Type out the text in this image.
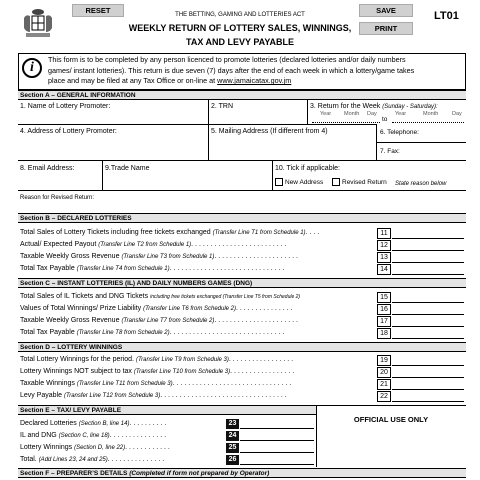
RESET	SAVE
PRINT
THE BETTING, GAMING AND LOTTERIES ACT
WEEKLY RETURN OF LOTTERY SALES, WINNINGS,
TAX AND LEVY PAYABLE
LT01
i
This form is to be completed by any person licenced to promote lotteries (declared lotteries and/or daily numbers
games/ instant lotteries). This return is due seven (7) days after the end of each week in which a lottery/game takes
place and may be filed at any Tax Office or on-line at www.jamaicatax.gov.jm
Section A – GENERAL INFORMATION
1. Name of Lottery Promoter:	2. TRN	3. Return for the Week (Sunday - Saturday):
Year Month Day	Year	Month Day
to
4. Address of Lottery Promoter:	5. Mailing Address (If different from 4)	6. Telephone:
7. Fax:
8. Email Address:	9.Trade Name	10. Tick if applicable:
New Address	Revised Return State reason below
Reason for Revised Return:
Section B – DECLARED LOTTERIES
Total Sales of Lottery Tickets including free tickets exchanged (Transfer Line T1 from Schedule 1). . . .	11
Actual/ Expected Payout (Transfer Line T2 from Schedule 1). . . . . . . . . . . . . . . . . . . . . . . . .	12
Taxable Weekly Gross Revenue (Transfer Line T3 from Schedule 1). . . . . . . . . . . . . . . . . . . . . .	13
Total Tax Payable (Transfer Line T4 from Schedule 1). . . . . . . . . . . . . . . . . . . . . . . . . . . . . .	14
Section C – INSTANT LOTTERIES (IL) AND DAILY NUMBERS GAMES (DNG)
Total Sales of IL Tickets and DNG Tickets including free tickets exchanged (Transfer Line T5 from Schedule 2)	15
Values of Total Winnings/ Prize Liability (Transfer Line T6 from Schedule 2). . . . . . . . . . . . . . .	16
Taxable Weekly Gross Revenue (Transfer Line T7 from Schedule 2). . . . . . . . . . . . . . . . . . . . . .	17
Total Tax Payable (Transfer Line T8 from Schedule 2). . . . . . . . . . . . . . . . . . . . . . . . . . . . . .	18
Section D – LOTTERY WINNINGS
Total Lottery Winnings for the period. (Transfer Line T9 from Schedule 3). . . . . . . . . . . . . . . . .	19
Lottery Winnings NOT subject to tax (Transfer Line T10 from Schedule 3). . . . . . . . . . . . . . . . .	20
Taxable Winnings (Transfer Line T11 from Schedule 3). . . . . . . . . . . . . . . . . . . . . . . . . . . . . . .	21
Levy Payable (Transfer Line T12 from Schedule 3). . . . . . . . . . . . . . . . . . . . . . . . . . . . . . . . .	22
Section E – TAX/ LEVY PAYABLE
OFFICIAL USE ONLY
Declared Lotteries (Section B, line 14). . . . . . . . . .	23
IL and DNG (Section C, line 18). . . . . . . . . . . . . . .	24
Lottery Winnings (Section D, line 22). . . . . . . . . . . .	25
Total. (Add Lines 23, 24 and 25). . . . . . . . . . . . . . .	26
Section F – PREPARER’S DETAILS (Completed if form not prepared by Operator)
